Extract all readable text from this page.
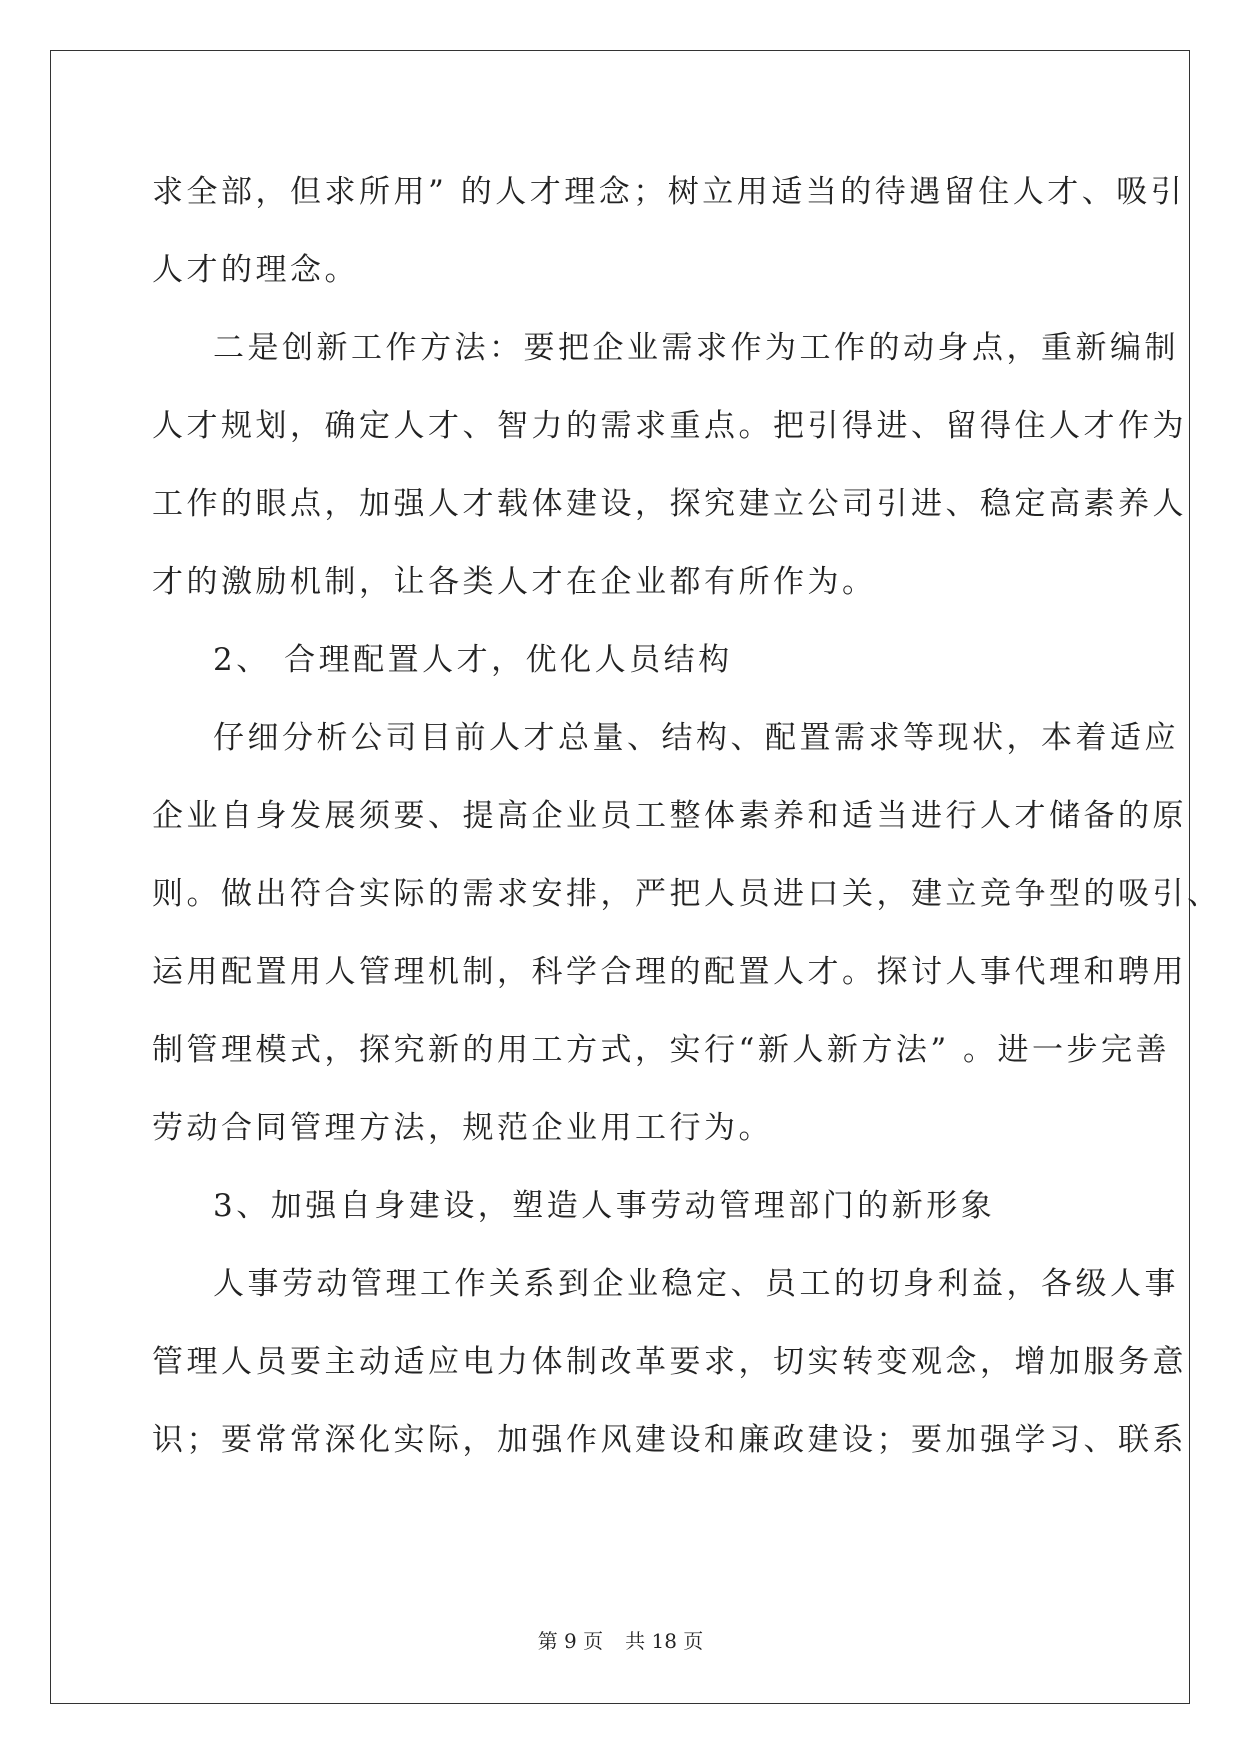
求全部，但求所用” 的人才理念；树立用适当的待遇留住人才、吸引
人才的理念。
二是创新工作方法：要把企业需求作为工作的动身点，重新编制
人才规划，确定人才、智力的需求重点。把引得进、留得住人才作为
工作的眼点，加强人才载体建设，探究建立公司引进、稳定高素养人
才的激励机制，让各类人才在企业都有所作为。
2、 合理配置人才，优化人员结构
仔细分析公司目前人才总量、结构、配置需求等现状，本着适应
企业自身发展须要、提高企业员工整体素养和适当进行人才储备的原
则。做出符合实际的需求安排，严把人员进口关，建立竞争型的吸引、
运用配置用人管理机制，科学合理的配置人才。探讨人事代理和聘用
制管理模式，探究新的用工方式，实行“新人新方法” 。进一步完善
劳动合同管理方法，规范企业用工行为。
3、加强自身建设，塑造人事劳动管理部门的新形象
人事劳动管理工作关系到企业稳定、员工的切身利益，各级人事
管理人员要主动适应电力体制改革要求，切实转变观念，增加服务意
识；要常常深化实际，加强作风建设和廉政建设；要加强学习、联系
第 9 页 共 18 页
